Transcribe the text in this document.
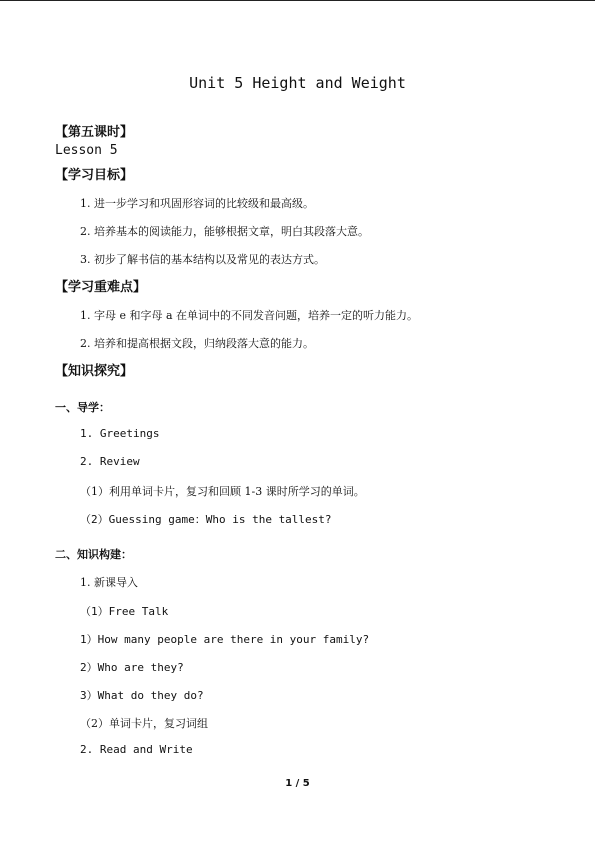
Unit 5 Height and Weight
【第五课时】
Lesson 5
【学习目标】
1. 进一步学习和巩固形容词的比较级和最高级。
2. 培养基本的阅读能力，能够根据文章，明白其段落大意。
3. 初步了解书信的基本结构以及常见的表达方式。
【学习重难点】
1. 字母 e 和字母 a 在单词中的不同发音问题，培养一定的听力能力。
2. 培养和提高根据文段，归纳段落大意的能力。
【知识探究】
一、导学：
1. Greetings
2. Review
（1）利用单词卡片，复习和回顾 1-3 课时所学习的单词。
（2）Guessing game：Who is the tallest?
二、知识构建：
1. 新课导入
（1）Free Talk
1）How many people are there in your family?
2）Who are they?
3）What do they do?
（2）单词卡片，复习词组
2. Read and Write
1 / 5
